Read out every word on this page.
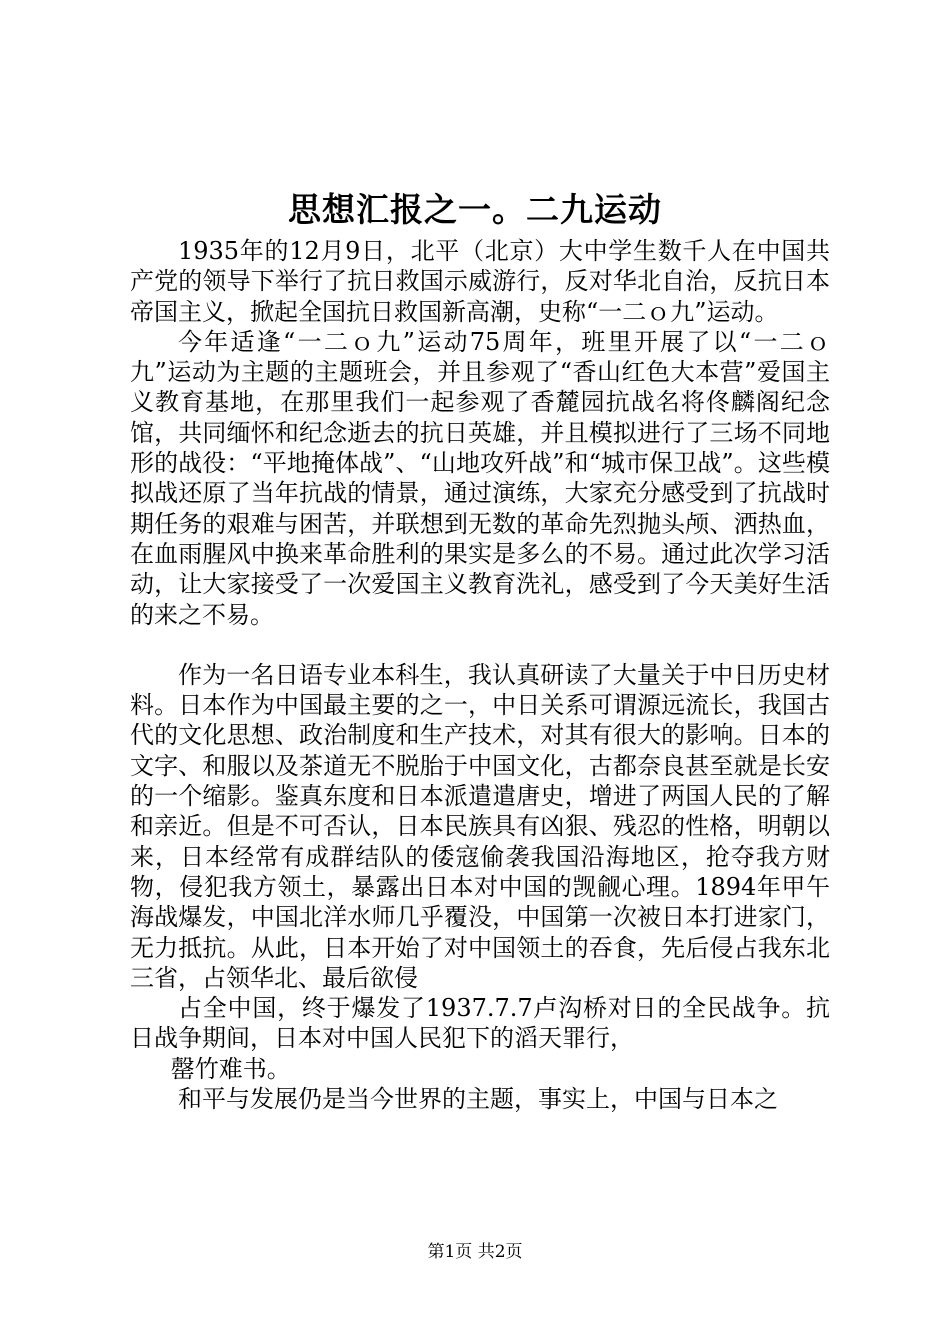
思想汇报之一。二九运动

1935年的12月9日，北平（北京）大中学生数千人在中国共产党的领导下举行了抗日救国示威游行，反对华北自治，反抗日本帝国主义，掀起全国抗日救国新高潮，史称“一二ｏ九”运动。

今年适逢“一二ｏ九”运动75周年，班里开展了以“一二ｏ九”运动为主题的主题班会，并且参观了“香山红色大本营”爱国主义教育基地，在那里我们一起参观了香麓园抗战名将佟麟阁纪念馆，共同缅怀和纪念逝去的抗日英雄，并且模拟进行了三场不同地形的战役：“平地掩体战”、“山地攻歼战”和“城市保卫战”。这些模拟战还原了当年抗战的情景，通过演练，大家充分感受到了抗战时期任务的艰难与困苦，并联想到无数的革命先烈抛头颅、洒热血，在血雨腥风中换来革命胜利的果实是多么的不易。通过此次学习活动，让大家接受了一次爱国主义教育洗礼，感受到了今天美好生活的来之不易。

作为一名日语专业本科生，我认真研读了大量关于中日历史材料。日本作为中国最主要的之一，中日关系可谓源远流长，我国古代的文化思想、政治制度和生产技术，对其有很大的影响。日本的文字、和服以及茶道无不脱胎于中国文化，古都奈良甚至就是长安的一个缩影。鉴真东度和日本派遣遣唐史，增进了两国人民的了解和亲近。但是不可否认，日本民族具有凶狠、残忍的性格，明朝以来，日本经常有成群结队的倭寇偷袭我国沿海地区，抢夺我方财物，侵犯我方领土，暴露出日本对中国的觊觎心理。1894年甲午海战爆发，中国北洋水师几乎覆没，中国第一次被日本打进家门，无力抵抗。从此，日本开始了对中国领土的吞食，先后侵占我东北三省，占领华北、最后欲侵

占全中国，终于爆发了1937.7.7卢沟桥对日的全民战争。抗日战争期间，日本对中国人民犯下的滔天罪行，

罄竹难书。

和平与发展仍是当今世界的主题，事实上，中国与日本之

第1页 共2页
